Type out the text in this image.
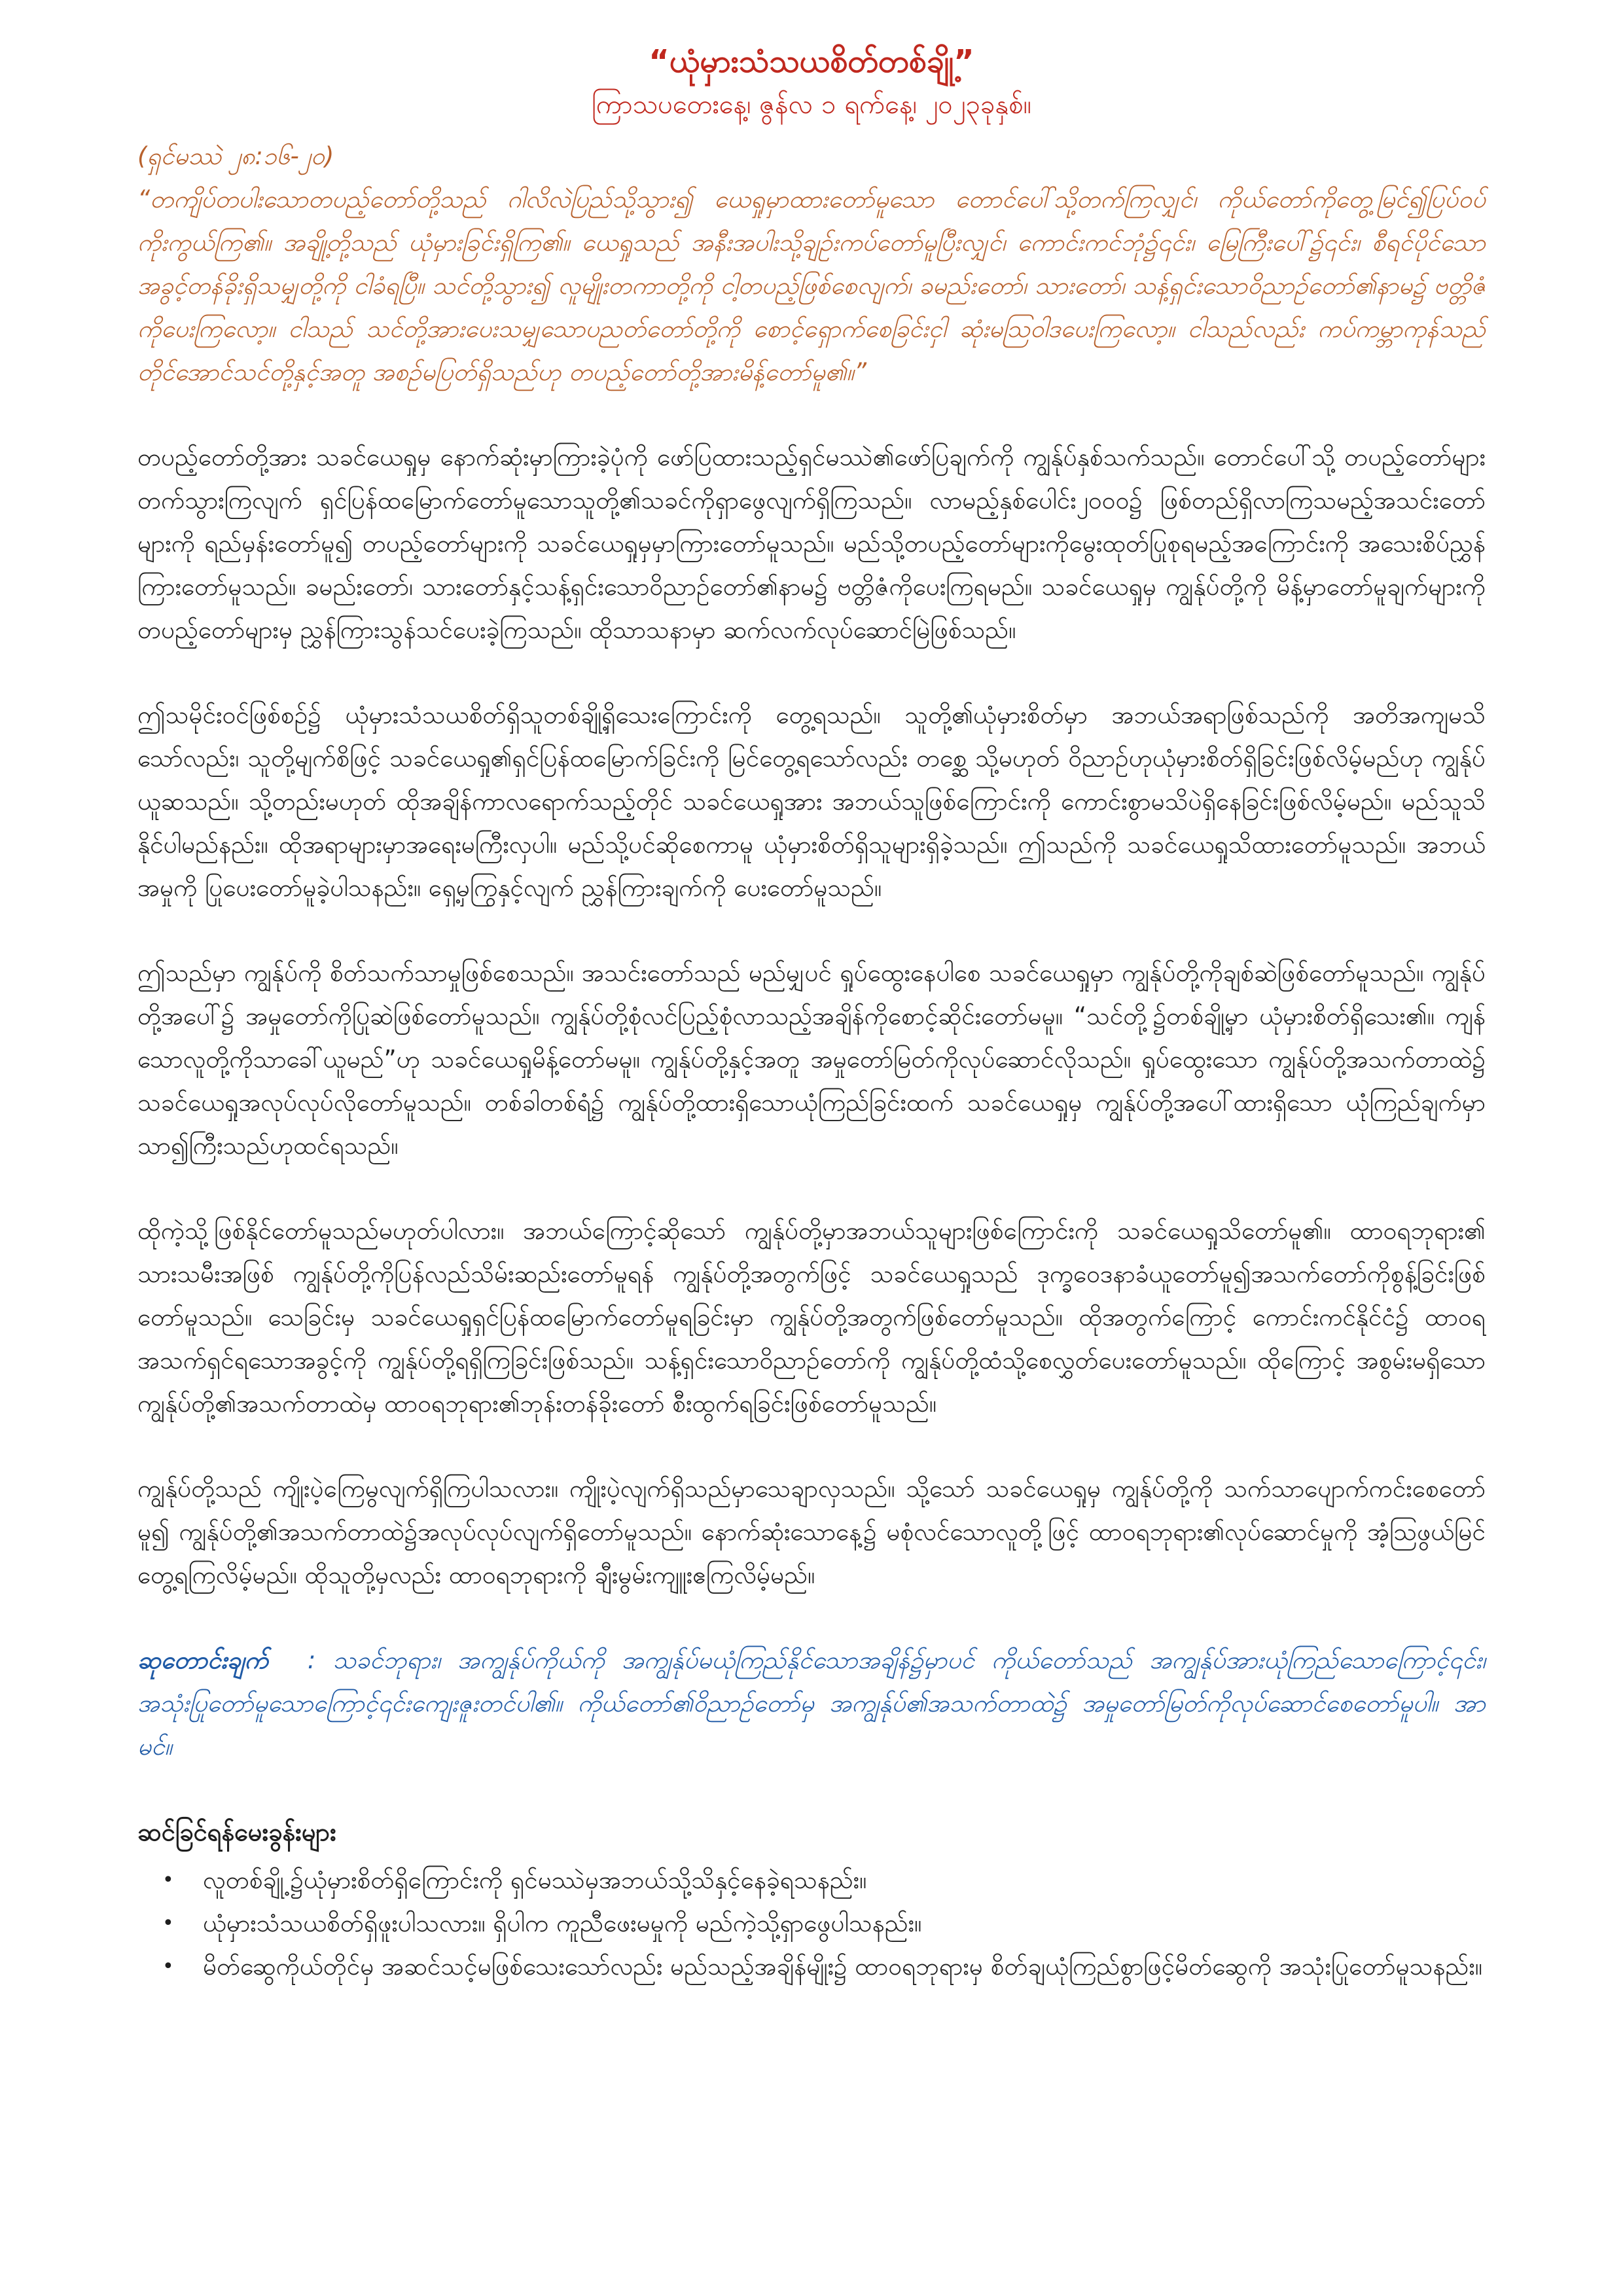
“ယုံမှားသံသယစိတ်တစ်ချို့”
ကြာသပတေးနေ့၊ ဇွန်လ ၁ ရက်နေ့၊ ၂၀၂၃ခုနှစ်။

(ရှင်မဿဲ ၂၈:၁၆-၂၀)

“တကျိပ်တပါးသောတပည့်တော်တို့သည် ဂါလိလဲပြည်သို့သွား၍ ယေရှုမှာထားတော်မူသော တောင်ပေါ်သို့တက်ကြလျှင်၊ ကိုယ်တော်ကိုတွေ့မြင်၍ပြပ်ဝပ်ကိုးကွယ်ကြ၏။ အချို့တို့သည် ယုံမှားခြင်းရှိကြ၏။ ယေရှုသည် အနီးအပါးသို့ချဉ်းကပ်တော်မူပြီးလျှင်၊ ကောင်းကင်ဘုံ၌၎င်း၊ မြေကြီးပေါ်၌၎င်း၊ စီရင်ပိုင်သောအခွင့်တန်ခိုးရှိသမျှတို့ကို ငါခံရပြီ။ သင်တို့သွား၍ လူမျိုးတကာတို့ကို ငါ့တပည့်ဖြစ်စေလျက်၊ ခမည်းတော်၊ သားတော်၊ သန့်ရှင်းသောဝိညာဉ်တော်၏နာမ၌ ဗတ္တိဇံကိုပေးကြလော့။ ငါသည် သင်တို့အားပေးသမျှသောပညတ်တော်တို့ကို စောင့်ရှောက်စေခြင်းငှါ ဆုံးမသြဝါဒပေးကြလော့။ ငါသည်လည်း ကပ်ကမ္ဘာကုန်သည်တိုင်အောင်သင်တို့နှင့်အတူ အစဉ်မပြတ်ရှိသည်ဟု တပည့်တော်တို့အားမိန့်တော်မူ၏။”

တပည့်တော်တို့အား သခင်ယေရှုမှ နောက်ဆုံးမှာကြားခဲ့ပုံကို ဖော်ပြထားသည့်ရှင်မဿဲ၏ဖော်ပြချက်ကို ကျွန်ုပ်နှစ်သက်သည်။ တောင်ပေါ်သို့ တပည့်တော်များ တက်သွားကြလျက် ရှင်ပြန်ထမြောက်တော်မူသောသူတို့၏သခင်ကိုရှာဖွေလျက်ရှိကြသည်။ လာမည့်နှစ်ပေါင်း၂၀၀၀၌ ဖြစ်တည်ရှိလာကြသမည့်အသင်းတော်များကို ရည်မှန်းတော်မူ၍ တပည့်တော်များကို သခင်ယေရှုမှမှာကြားတော်မူသည်။ မည်သို့တပည့်တော်များကိုမွေးထုတ်ပြုစုရမည့်အကြောင်းကို အသေးစိပ်ညွှန်ကြားတော်မူသည်။ ခမည်းတော်၊ သားတော်နှင့်သန့်ရှင်းသောဝိညာဉ်တော်၏နာမ၌ ဗတ္တိဇံကိုပေးကြရမည်။ သခင်ယေရှုမှ ကျွန်ုပ်တို့ကို မိန့်မှာတော်မူချက်များကို တပည့်တော်များမှ ညွှန်ကြားသွန်သင်ပေးခဲ့ကြသည်။ ထိုသာသနာမှာ ဆက်လက်လုပ်ဆောင်မြဲဖြစ်သည်။

ဤသမိုင်းဝင်ဖြစ်စဉ်၌ ယုံမှားသံသယစိတ်ရှိသူတစ်ချို့ရှိသေးကြောင်းကို တွေ့ရသည်။ သူတို့၏ယုံမှားစိတ်မှာ အဘယ်အရာဖြစ်သည်ကို အတိအကျမသိသော်လည်း၊ သူတို့မျက်စိဖြင့် သခင်ယေရှု၏ရှင်ပြန်ထမြောက်ခြင်းကို မြင်တွေ့ရသော်လည်း တစ္ဆေ သို့မဟုတ် ဝိညာဉ်ဟုယုံမှားစိတ်ရှိခြင်းဖြစ်လိမ့်မည်ဟု ကျွန်ုပ်ယူဆသည်။ သို့တည်းမဟုတ် ထိုအချိန်ကာလရောက်သည့်တိုင် သခင်ယေရှုအား အဘယ်သူဖြစ်ကြောင်းကို ကောင်းစွာမသိပဲရှိနေခြင်းဖြစ်လိမ့်မည်။ မည်သူသိနိုင်ပါမည်နည်း။ ထိုအရာများမှာအရေးမကြီးလှပါ။ မည်သို့ပင်ဆိုစေကာမူ ယုံမှားစိတ်ရှိသူများရှိခဲ့သည်။ ဤသည်ကို သခင်ယေရှုသိထားတော်မူသည်။ အဘယ်အမှုကို ပြုပေးတော်မူခဲ့ပါသနည်း။ ရှေ့မှကြွနှင့်လျက် ညွှန်ကြားချက်ကို ပေးတော်မူသည်။

ဤသည်မှာ ကျွန်ုပ်ကို စိတ်သက်သာမှုဖြစ်စေသည်။ အသင်းတော်သည် မည်မျှပင် ရှုပ်ထွေးနေပါစေ သခင်ယေရှုမှာ ကျွန်ုပ်တို့ကိုချစ်ဆဲဖြစ်တော်မူသည်။ ကျွန်ုပ်တို့အပေါ်၌ အမှုတော်ကိုပြုဆဲဖြစ်တော်မူသည်။ ကျွန်ုပ်တို့စုံလင်ပြည့်စုံလာသည့်အချိန်ကိုစောင့်ဆိုင်းတော်မမူ။ “သင်တို့၌တစ်ချို့မှာ ယုံမှားစိတ်ရှိသေး၏။ ကျန်သောလူတို့ကိုသာခေါ်ယူမည်”ဟု သခင်ယေရှုမိန့်တော်မမူ။ ကျွန်ုပ်တို့နှင့်အတူ အမှုတော်မြတ်ကိုလုပ်ဆောင်လိုသည်။ ရှုပ်ထွေးသော ကျွန်ုပ်တို့အသက်တာထဲ၌ သခင်ယေရှုအလုပ်လုပ်လိုတော်မူသည်။ တစ်ခါတစ်ရံ၌ ကျွန်ုပ်တို့ထားရှိသောယုံကြည်ခြင်းထက် သခင်ယေရှုမှ ကျွန်ုပ်တို့အပေါ်ထားရှိသော ယုံကြည်ချက်မှာသာ၍ကြီးသည်ဟုထင်ရသည်။

ထိုကဲ့သို့ဖြစ်နိုင်တော်မူသည်မဟုတ်ပါလား။ အဘယ်ကြောင့်ဆိုသော် ကျွန်ုပ်တို့မှာအဘယ်သူများဖြစ်ကြောင်းကို သခင်ယေရှုသိတော်မူ၏။ ထာဝရဘုရား၏ သားသမီးအဖြစ် ကျွန်ုပ်တို့ကိုပြန်လည်သိမ်းဆည်းတော်မူရန် ကျွန်ုပ်တို့အတွက်ဖြင့် သခင်ယေရှုသည် ဒုက္ခဝေဒနာခံယူတော်မူ၍အသက်တော်ကိုစွန့်ခြင်းဖြစ်တော်မူသည်။ သေခြင်းမှ သခင်ယေရှုရှင်ပြန်ထမြောက်တော်မူရခြင်းမှာ ကျွန်ုပ်တို့အတွက်ဖြစ်တော်မူသည်။ ထိုအတွက်ကြောင့် ကောင်းကင်နိုင်ငံ၌ ထာဝရအသက်ရှင်ရသောအခွင့်ကို ကျွန်ုပ်တို့ရရှိကြခြင်းဖြစ်သည်။ သန့်ရှင်းသောဝိညာဉ်တော်ကို ကျွန်ုပ်တို့ထံသို့စေလွှတ်ပေးတော်မူသည်။ ထိုကြောင့် အစွမ်းမရှိသော ကျွန်ုပ်တို့၏အသက်တာထဲမှ ထာဝရဘုရား၏ဘုန်းတန်ခိုးတော် စီးထွက်ရခြင်းဖြစ်တော်မူသည်။

ကျွန်ုပ်တို့သည် ကျိုးပဲ့ကြေမွလျက်ရှိကြပါသလား။ ကျိုးပဲ့လျက်ရှိသည်မှာသေချာလှသည်။ သို့သော် သခင်ယေရှုမှ ကျွန်ုပ်တို့ကို သက်သာပျောက်ကင်းစေတော်မူ၍ ကျွန်ုပ်တို့၏အသက်တာထဲ၌အလုပ်လုပ်လျက်ရှိတော်မူသည်။ နောက်ဆုံးသောနေ့၌ မစုံလင်သောလူတို့ဖြင့် ထာဝရဘုရား၏လုပ်ဆောင်မှုကို အံ့သြဖွယ်မြင်တွေ့ရကြလိမ့်မည်။ ထိုသူတို့မှလည်း ထာဝရဘုရားကို ချီးမွမ်းကျူးဧကြလိမ့်မည်။

ဆုတောင်းချက် : သခင်ဘုရား၊ အကျွန်ုပ်ကိုယ်ကို အကျွန်ုပ်မယုံကြည်နိုင်သောအချိန်၌မှာပင် ကိုယ်တော်သည် အကျွန်ုပ်အားယုံကြည်သောကြောင့်၎င်း၊ အသုံးပြုတော်မူသောကြောင့်၎င်းကျေးဇူးတင်ပါ၏။ ကိုယ်တော်၏ဝိညာဉ်တော်မှ အကျွန်ုပ်၏အသက်တာထဲ၌ အမှုတော်မြတ်ကိုလုပ်ဆောင်စေတော်မူပါ။ အာမင်။

ဆင်ခြင်ရန်မေးခွန်းများ

• လူတစ်ချို့၌ယုံမှားစိတ်ရှိကြောင်းကို ရှင်မဿဲမှအဘယ်သို့သိနှင့်နေခဲ့ရသနည်း။
• ယုံမှားသံသယစိတ်ရှိဖူးပါသလား။ ရှိပါက ကူညီဖေးမမှုကို မည်ကဲ့သို့ရှာဖွေပါသနည်း။
• မိတ်ဆွေကိုယ်တိုင်မှ အဆင်သင့်မဖြစ်သေးသော်လည်း မည်သည့်အချိန်မျိုး၌ ထာဝရဘုရားမှ စိတ်ချယုံကြည်စွာဖြင့်မိတ်ဆွေကို အသုံးပြုတော်မူသနည်း။
